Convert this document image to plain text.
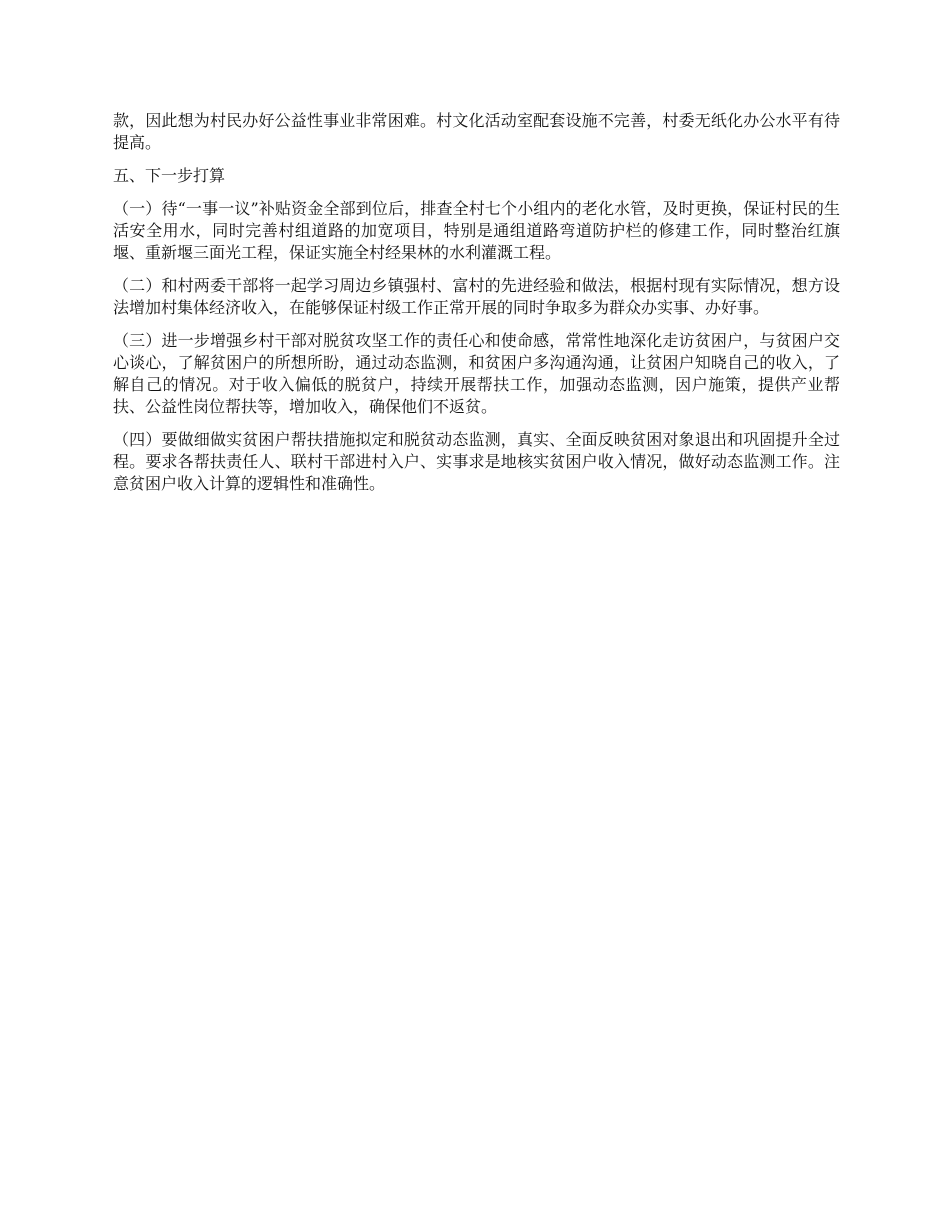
款，因此想为村民办好公益性事业非常困难。村文化活动室配套设施不完善，村委无纸化办公水平有待提高。

五、下一步打算

（一）待“一事一议”补贴资金全部到位后，排查全村七个小组内的老化水管，及时更换，保证村民的生活安全用水，同时完善村组道路的加宽项目，特别是通组道路弯道防护栏的修建工作，同时整治红旗堰、重新堰三面光工程，保证实施全村经果林的水利灌溉工程。

（二）和村两委干部将一起学习周边乡镇强村、富村的先进经验和做法，根据村现有实际情况，想方设法增加村集体经济收入，在能够保证村级工作正常开展的同时争取多为群众办实事、办好事。

（三）进一步增强乡村干部对脱贫攻坚工作的责任心和使命感，常常性地深化走访贫困户，与贫困户交心谈心，了解贫困户的所想所盼，通过动态监测，和贫困户多沟通沟通，让贫困户知晓自己的收入，了解自己的情况。对于收入偏低的脱贫户，持续开展帮扶工作，加强动态监测，因户施策，提供产业帮扶、公益性岗位帮扶等，增加收入，确保他们不返贫。

（四）要做细做实贫困户帮扶措施拟定和脱贫动态监测，真实、全面反映贫困对象退出和巩固提升全过程。要求各帮扶责任人、联村干部进村入户、实事求是地核实贫困户收入情况，做好动态监测工作。注意贫困户收入计算的逻辑性和准确性。
